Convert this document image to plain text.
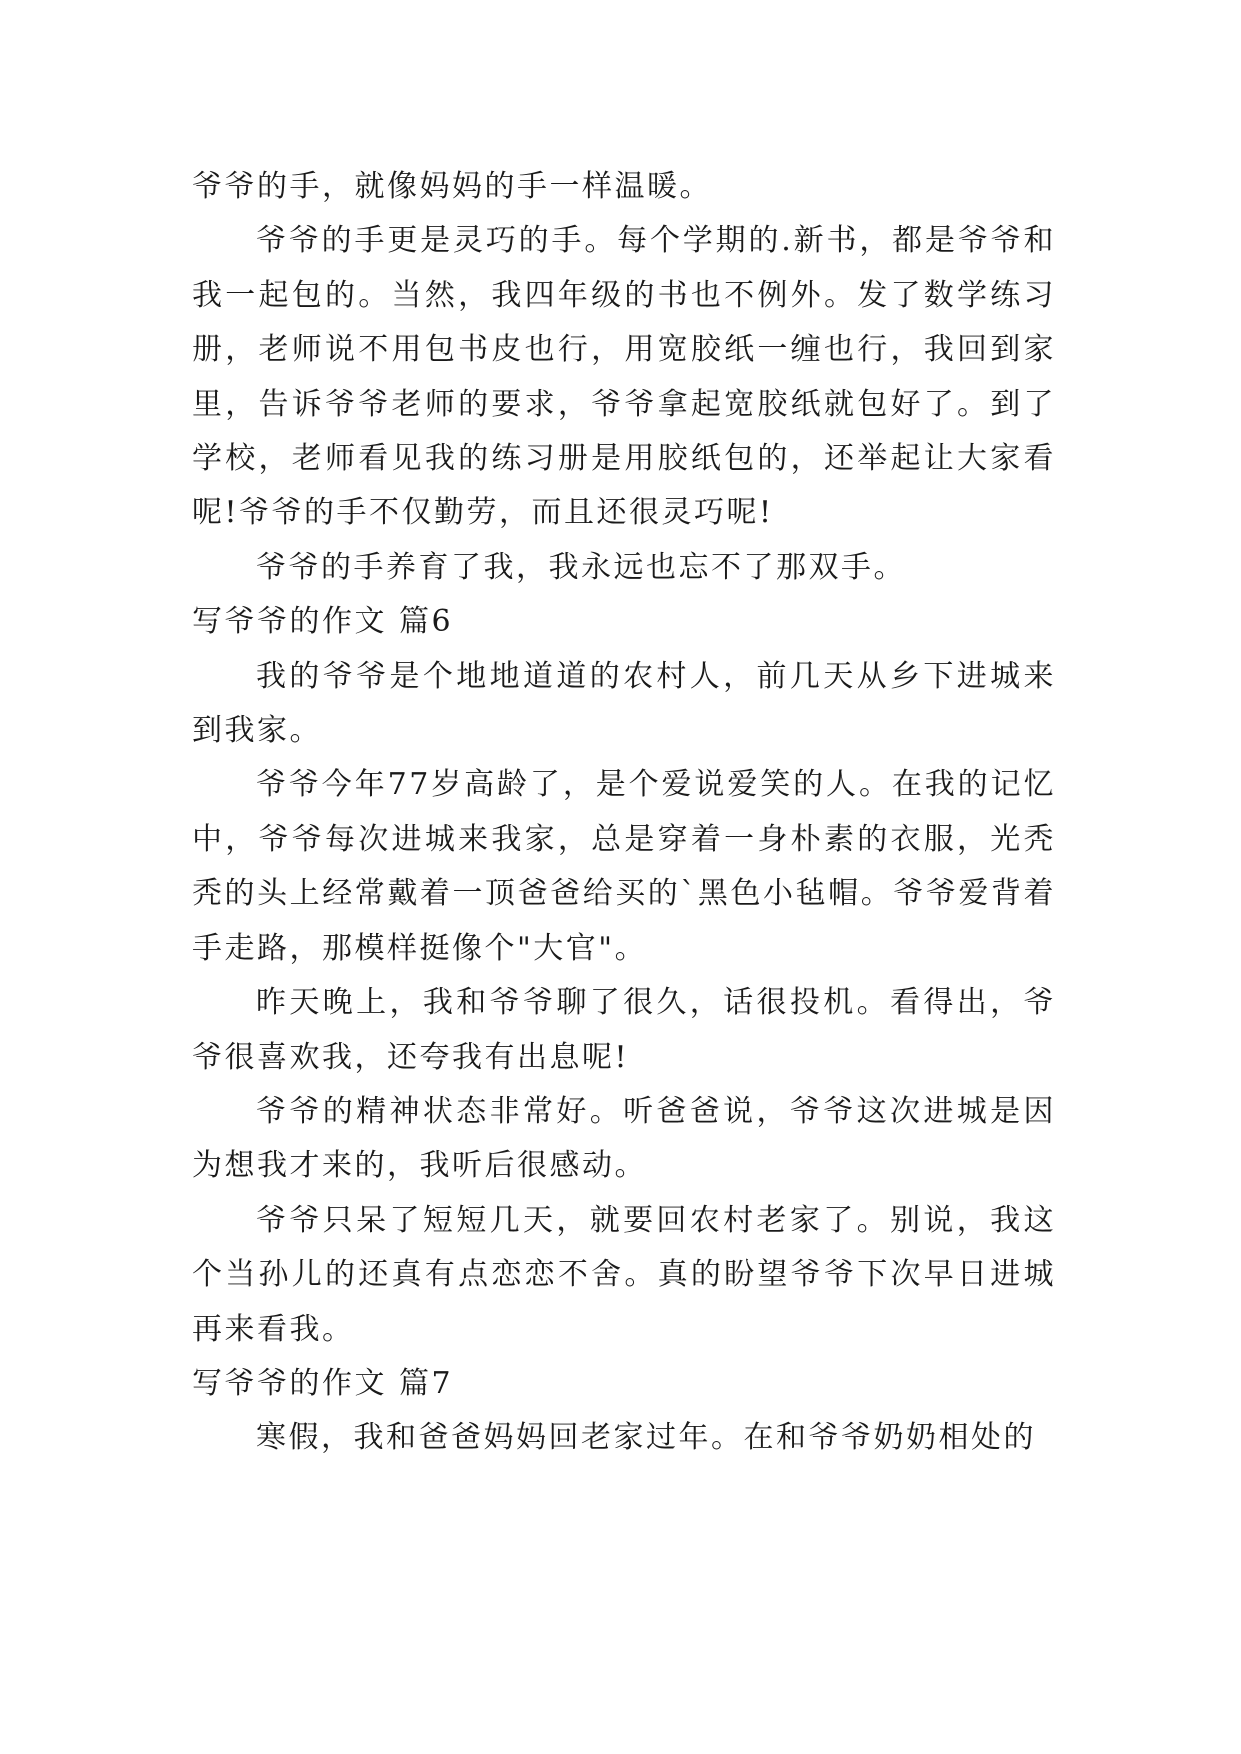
爷爷的手，就像妈妈的手一样温暖。

爷爷的手更是灵巧的手。每个学期的.新书，都是爷爷和我一起包的。当然，我四年级的书也不例外。发了数学练习册，老师说不用包书皮也行，用宽胶纸一缠也行，我回到家里，告诉爷爷老师的要求，爷爷拿起宽胶纸就包好了。到了学校，老师看见我的练习册是用胶纸包的，还举起让大家看呢!爷爷的手不仅勤劳，而且还很灵巧呢!

爷爷的手养育了我，我永远也忘不了那双手。

写爷爷的作文 篇6

我的爷爷是个地地道道的农村人，前几天从乡下进城来到我家。

爷爷今年77岁高龄了，是个爱说爱笑的人。在我的记忆中，爷爷每次进城来我家，总是穿着一身朴素的衣服，光秃秃的头上经常戴着一顶爸爸给买的`黑色小毡帽。爷爷爱背着手走路，那模样挺像个"大官"。

昨天晚上，我和爷爷聊了很久，话很投机。看得出，爷爷很喜欢我，还夸我有出息呢!

爷爷的精神状态非常好。听爸爸说，爷爷这次进城是因为想我才来的，我听后很感动。

爷爷只呆了短短几天，就要回农村老家了。别说，我这个当孙儿的还真有点恋恋不舍。真的盼望爷爷下次早日进城再来看我。

写爷爷的作文 篇7

寒假，我和爸爸妈妈回老家过年。在和爷爷奶奶相处的
